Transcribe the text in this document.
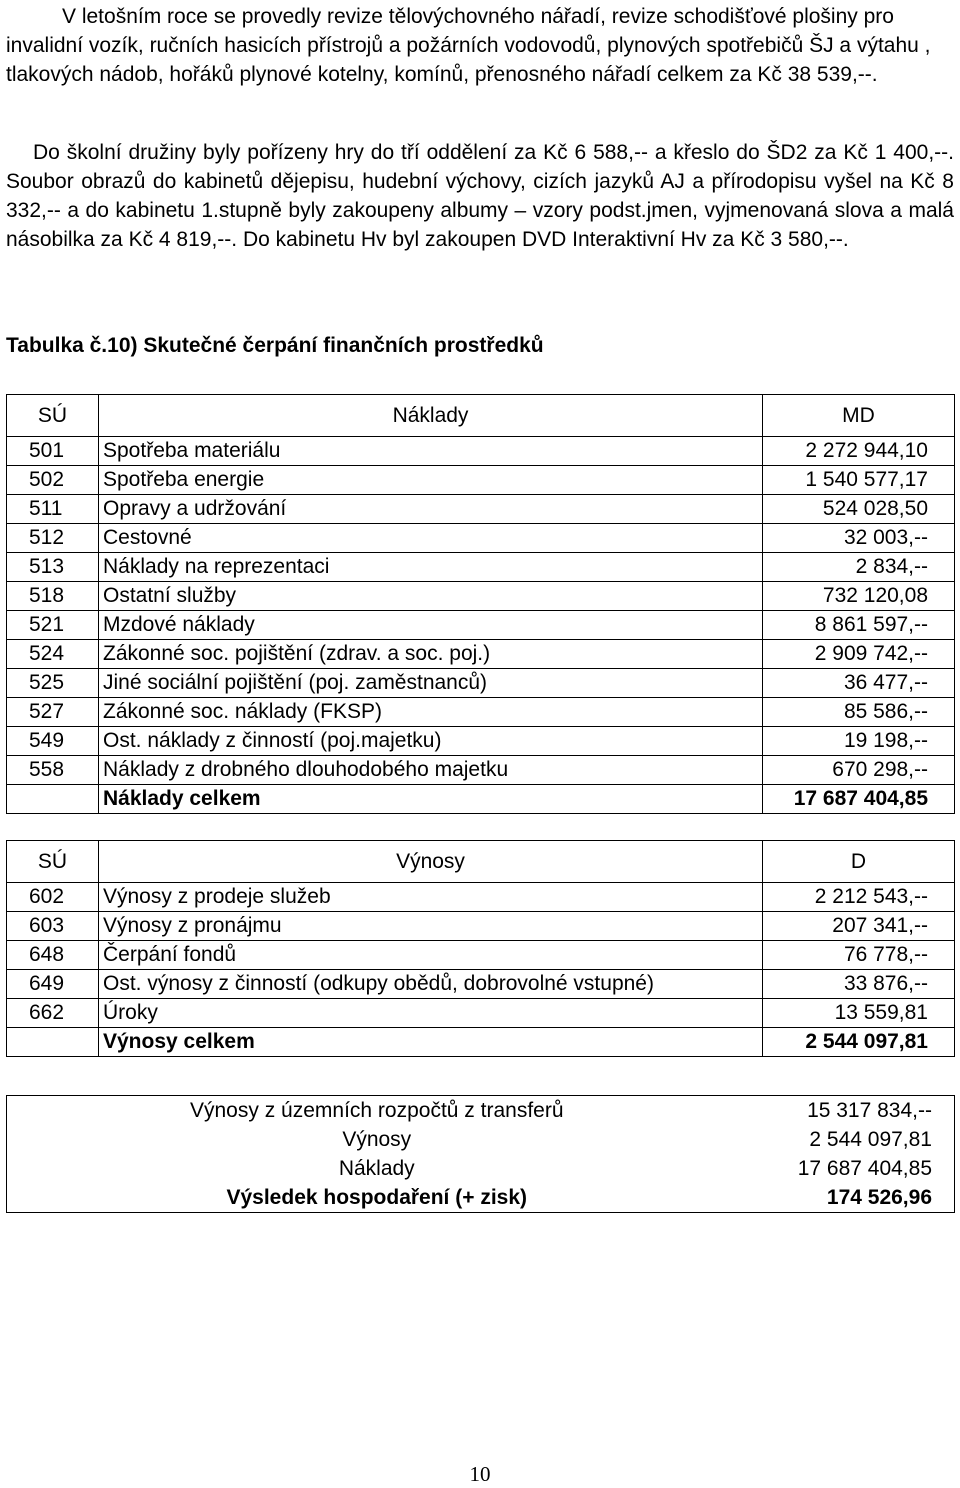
V letošním roce se provedly revize tělovýchovného nářadí, revize schodišťové plošiny pro invalidní vozík, ručních hasicích přístrojů a požárních vodovodů, plynových spotřebičů ŠJ a výtahu , tlakových nádob, hořáků plynové kotelny, komínů, přenosného nářadí celkem za Kč 38 539,--.

Do školní družiny byly pořízeny hry do tří oddělení za Kč 6 588,-- a křeslo do ŠD2 za Kč 1 400,--. Soubor obrazů do kabinetů dějepisu, hudební výchovy, cizích jazyků AJ a přírodopisu vyšel na Kč 8 332,-- a do kabinetu 1.stupně byly zakoupeny albumy – vzory podst.jmen, vyjmenovaná slova a malá násobilka za Kč 4 819,--. Do kabinetu Hv byl zakoupen DVD Interaktivní Hv za Kč 3 580,--.

Tabulka č.10) Skutečné čerpání finančních prostředků

SÚ	Náklady	MD
501	Spotřeba materiálu	2 272 944,10
502	Spotřeba energie	1 540 577,17
511	Opravy a udržování	524 028,50
512	Cestovné	32 003,--
513	Náklady na reprezentaci	2 834,--
518	Ostatní služby	732 120,08
521	Mzdové náklady	8 861 597,--
524	Zákonné soc. pojištění (zdrav. a soc. poj.)	2 909 742,--
525	Jiné sociální pojištění (poj. zaměstnanců)	36 477,--
527	Zákonné soc. náklady (FKSP)	85 586,--
549	Ost. náklady z činností (poj.majetku)	19 198,--
558	Náklady z drobného dlouhodobého majetku	670 298,--
	Náklady celkem	17 687 404,85
SÚ	Výnosy	D
602	Výnosy z prodeje služeb	2 212 543,--
603	Výnosy z pronájmu	207 341,--
648	Čerpání fondů	76 778,--
649	Ost. výnosy z činností (odkupy obědů, dobrovolné vstupné)	33 876,--
662	Úroky	13 559,81
	Výnosy celkem	2 544 097,81
Výnosy z územních rozpočtů z transferů	15 317 834,--
Výnosy	2 544 097,81
Náklady	17 687 404,85
Výsledek hospodaření (+ zisk)	174 526,96
10
